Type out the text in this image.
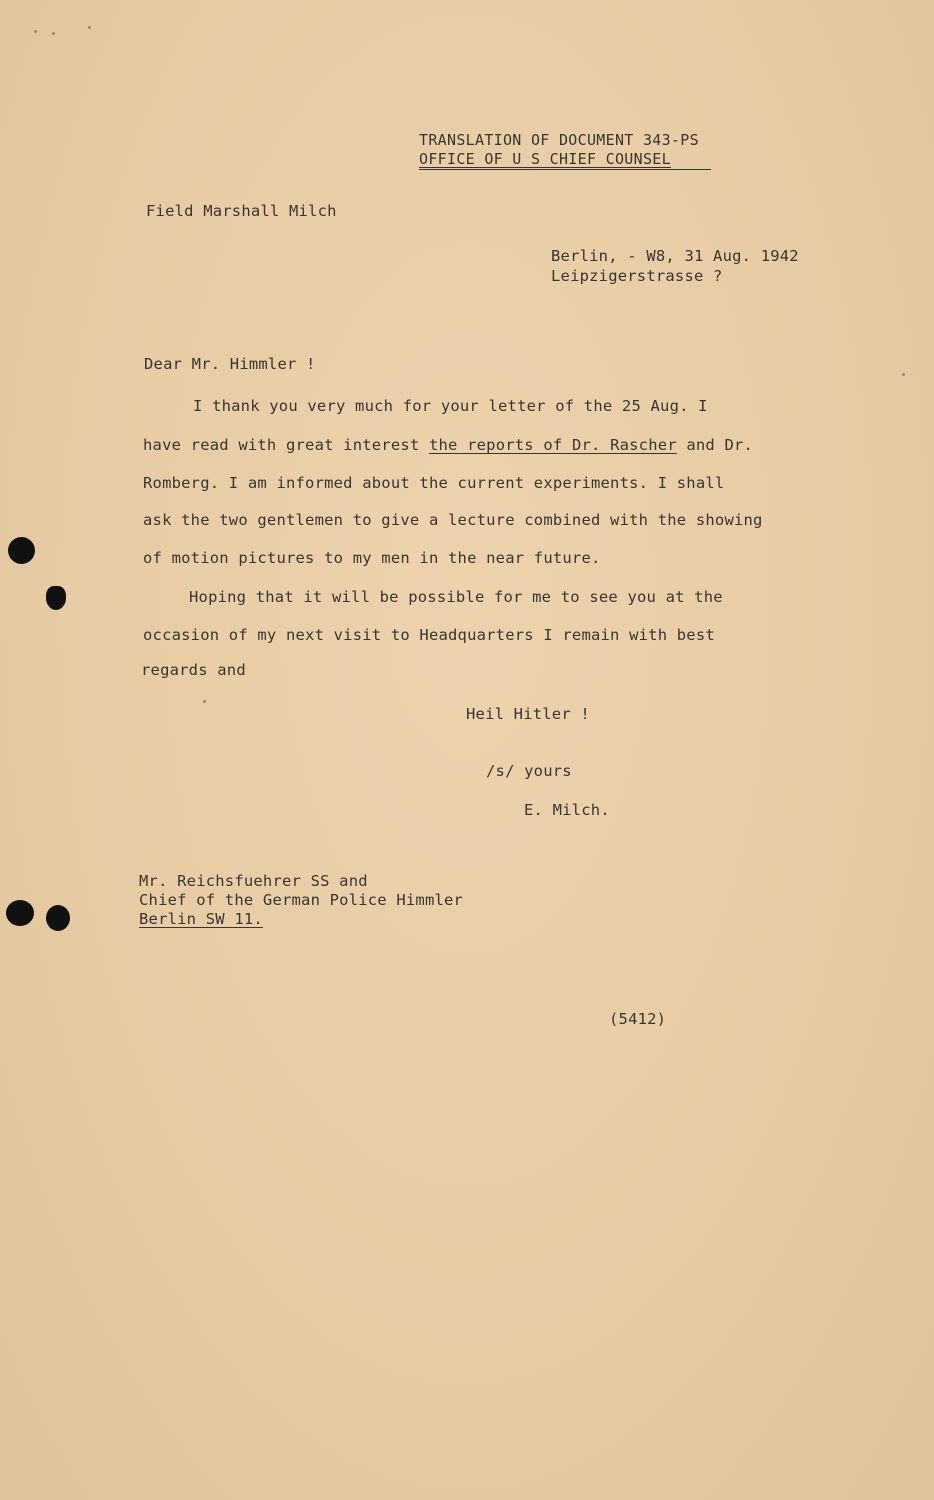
TRANSLATION OF DOCUMENT 343-PS
OFFICE OF U S CHIEF COUNSEL
Field Marshall Milch
Berlin, - W8, 31 Aug. 1942
Leipzigerstrasse ?
Dear Mr. Himmler !
I thank you very much for your letter of the 25 Aug. I
have read with great interest the reports of Dr. Rascher and Dr.
Romberg. I am informed about the current experiments. I shall
ask the two gentlemen to give a lecture combined with the showing
of motion pictures to my men in the near future.
Hoping that it will be possible for me to see you at the
occasion of my next visit to Headquarters I remain with best
regards and
Heil Hitler !
/s/ yours
E. Milch.
Mr. Reichsfuehrer SS and
Chief of the German Police Himmler
Berlin SW 11.
(5412)
